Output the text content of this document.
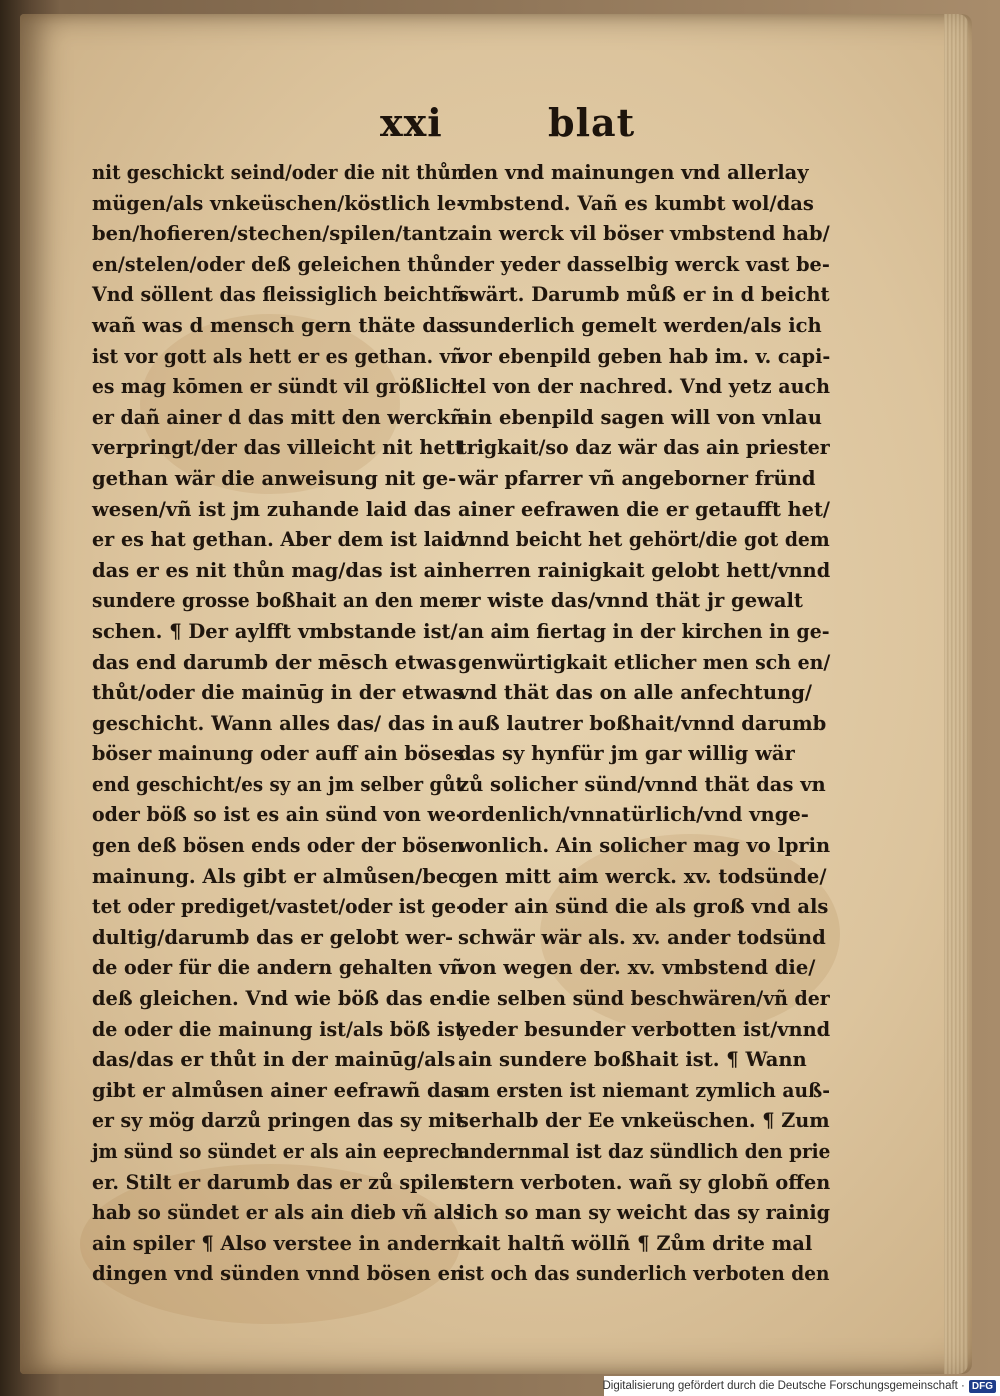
xxi	blat
nit geschickt seind/oder die nit thůn
mügen/als vnkeüschen/köstlich le-
ben/hofieren/stechen/spilen/tantz
en/stelen/oder deß geleichen thůn.
Vnd söllent das fleissiglich beichtñ
wañ was d mensch gern thäte das
ist vor gott als hett er es gethan. vñ
es mag kōmen er sündt vil größlich
er dañ ainer d das mitt den werckñ
verpringt/der das villeicht nit hett
gethan wär die anweisung nit ge-
wesen/vñ ist jm zuhande laid das
er es hat gethan. Aber dem ist laid
das er es nit thůn mag/das ist ain
sundere grosse boßhait an den men
schen. ¶ Der aylfft vmbstande ist/
das end darumb der mēsch etwas
thůt/oder die mainūg in der etwas
geschicht. Wann alles das/ das in
böser mainung oder auff ain böses
end geschicht/es sy an jm selber gůt
oder böß so ist es ain sünd von we-
gen deß bösen ends oder der bösen
mainung. Als gibt er almůsen/bec
tet oder prediget/vastet/oder ist ge-
dultig/darumb das er gelobt wer-
de oder für die andern gehalten vñ
deß gleichen. Vnd wie böß das en-
de oder die mainung ist/als böß ist
das/das er thůt in der mainūg/als
gibt er almůsen ainer eefrawñ das
er sy mög darzů pringen das sy mit
jm sünd so sündet er als ain eeprech
er. Stilt er darumb das er zů spilen
hab so sündet er als ain dieb vñ als
ain spiler ¶ Also verstee in andern
dingen vnd sünden vnnd bösen en
den vnd mainungen vnd allerlay
vmbstend. Vañ es kumbt wol/das
ain werck vil böser vmbstend hab/
der yeder dasselbig werck vast be-
swärt. Darumb můß er in d beicht
sunderlich gemelt werden/als ich
vor ebenpild geben hab im. v. capi-
tel von der nachred. Vnd yetz auch
ain ebenpild sagen will von vnlau
trigkait/so daz wär das ain priester
wär pfarrer vñ angeborner fründ
ainer eefrawen die er getaufft het/
vnnd beicht het gehört/die got dem
herren rainigkait gelobt hett/vnnd
er wiste das/vnnd thät jr gewalt
an aim fiertag in der kirchen in ge-
genwürtigkait etlicher men sch en/
vnd thät das on alle anfechtung/
auß lautrer boßhait/vnnd darumb
das sy hynfür jm gar willig wär
zů solicher sünd/vnnd thät das vn
ordenlich/vnnatürlich/vnd vnge-
wonlich. Ain solicher mag vo lprin
gen mitt aim werck. xv. todsünde/
oder ain sünd die als groß vnd als
schwär wär als. xv. ander todsünd
von wegen der. xv. vmbstend die/
die selben sünd beschwären/vñ der
yeder besunder verbotten ist/vnnd
ain sundere boßhait ist. ¶ Wann
am ersten ist niemant zymlich auß-
serhalb der Ee vnkeüschen. ¶ Zum
andernmal ist daz sündlich den prie
stern verboten. wañ sy globñ offen
lich so man sy weicht das sy rainig
kait haltñ wöllñ ¶ Zům drite mal
ist och das sunderlich verboten den
Digitalisierung gefördert durch die Deutsche Forschungsgemeinschaft · DFG
